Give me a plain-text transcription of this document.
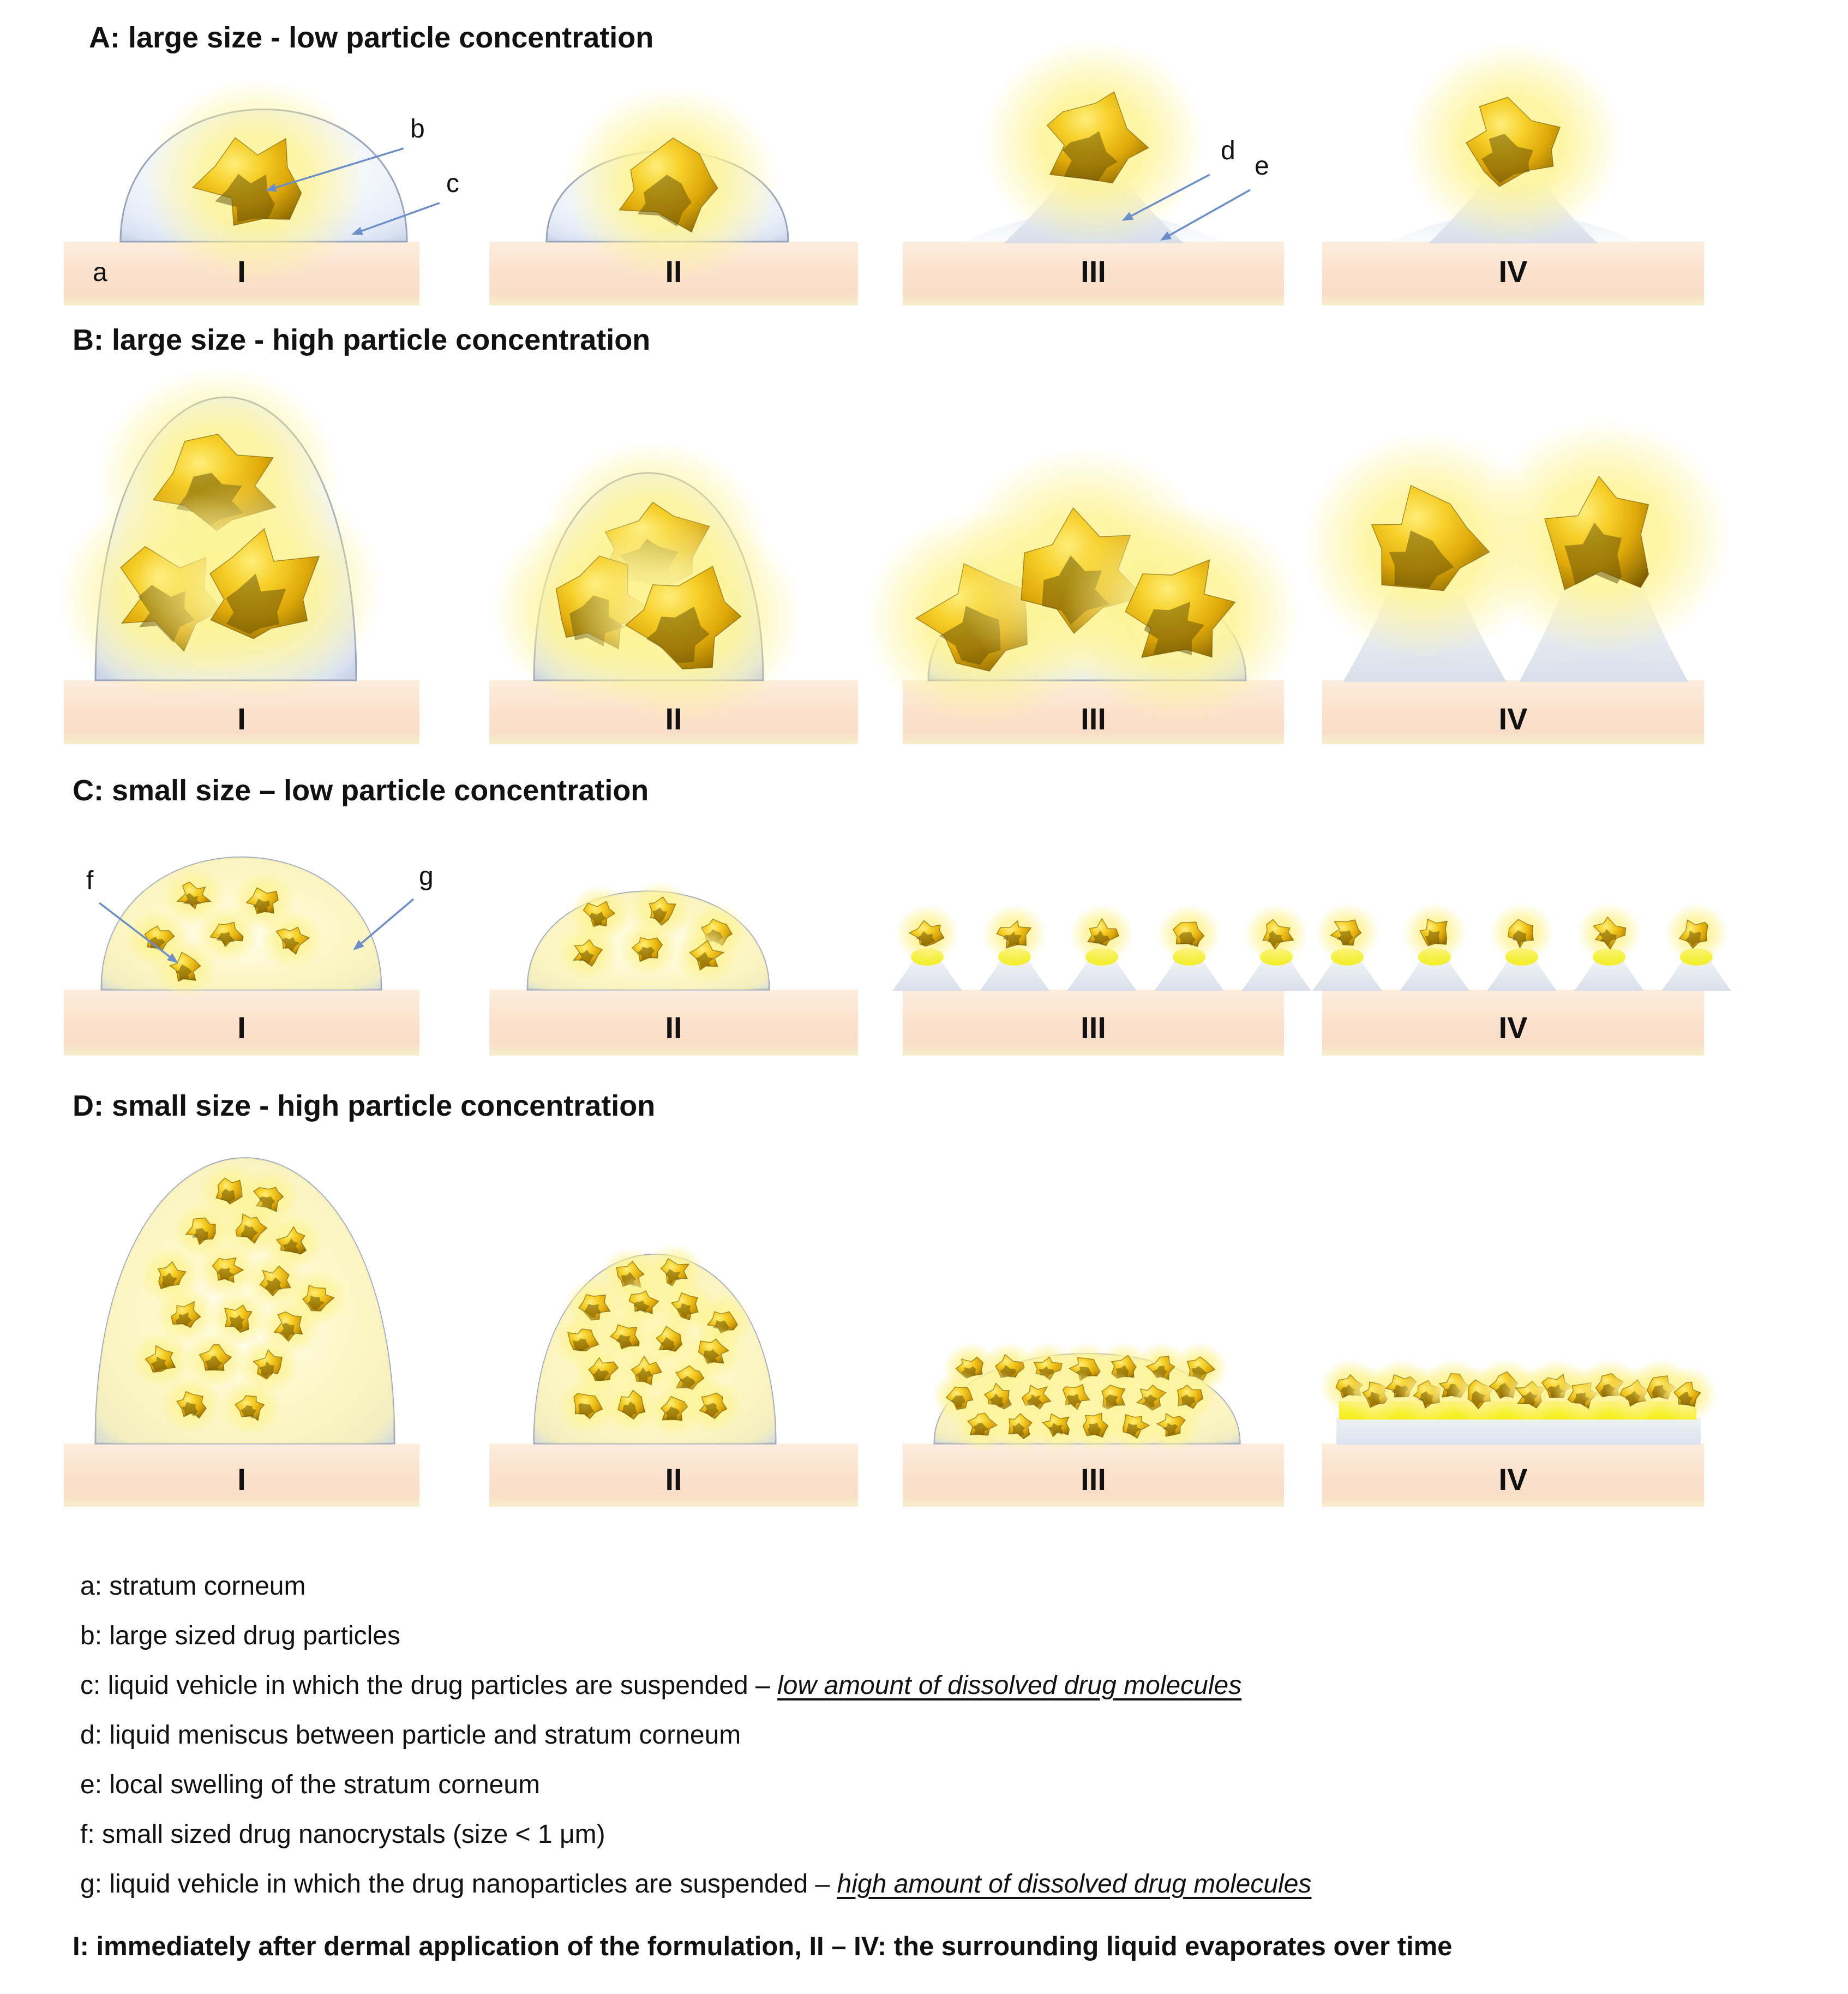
A: large size - low particle concentration
B: large size - high particle concentration
C: small size – low particle concentration
D: small size - high particle concentration
I	II	III	IV
a
b
c
d
e
I	II	III	IV
I	II	III	IV
f	g
I	II	III	IV

a: stratum corneum

b: large sized drug particles

c: liquid vehicle in which the drug particles are suspended – low amount of dissolved drug molecules

d: liquid meniscus between particle and stratum corneum

e: local swelling of the stratum corneum

f: small sized drug nanocrystals (size < 1 μm)

g: liquid vehicle in which the drug nanoparticles are suspended – high amount of dissolved drug molecules

I: immediately after dermal application of the formulation, II – IV: the surrounding liquid evaporates over time
